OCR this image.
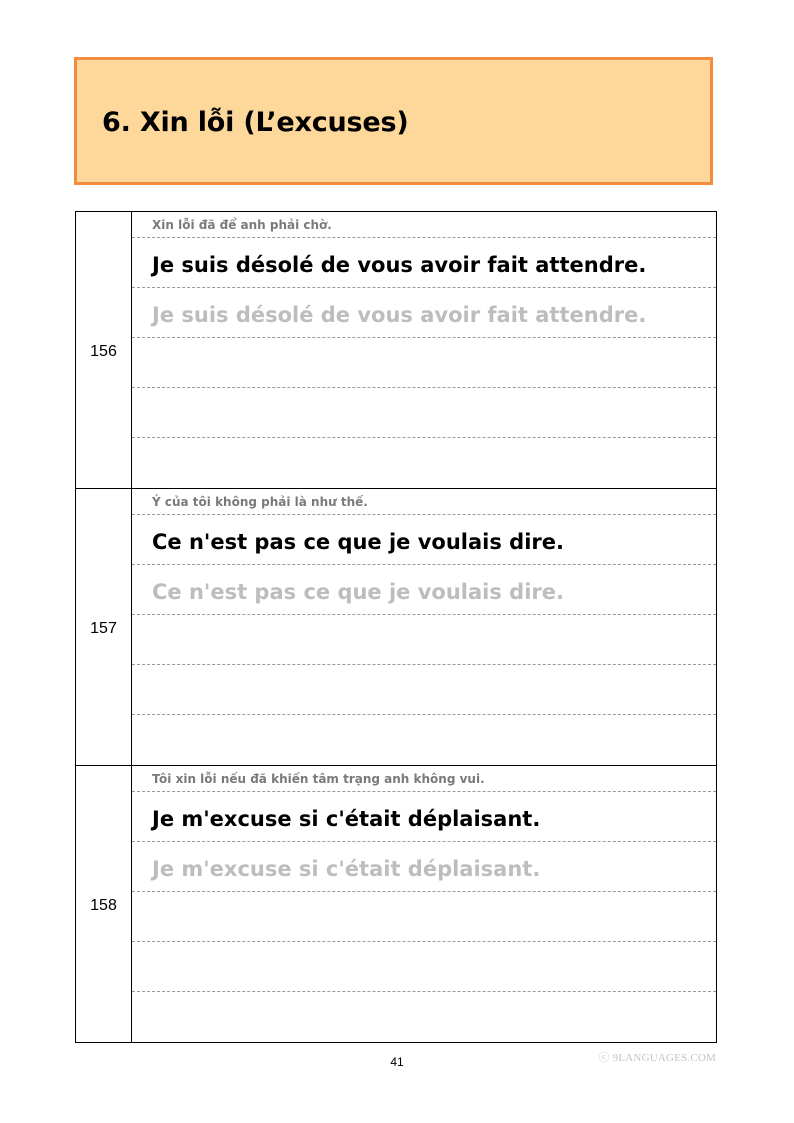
6. Xin lỗi (L’excuses)
156
Xin lỗi đã để anh phải chờ.
Je suis désolé de vous avoir fait attendre.
Je suis désolé de vous avoir fait attendre.
157
Ý của tôi không phải là như thế.
Ce n'est pas ce que je voulais dire.
Ce n'est pas ce que je voulais dire.
158
Tôi xin lỗi nếu đã khiến tâm trạng anh không vui.
Je m'excuse si c'était déplaisant.
Je m'excuse si c'était déplaisant.
41	ⓒ 9LANGUAGES.COM
